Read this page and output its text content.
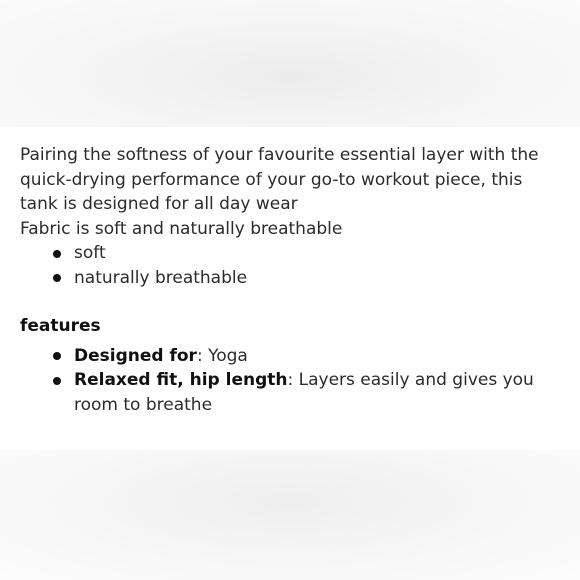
Pairing the softness of your favourite essential layer with the quick-drying performance of your go-to workout piece, this tank is designed for all day wear

Fabric is soft and naturally breathable

soft
naturally breathable

features

Designed for: Yoga
Relaxed fit, hip length: Layers easily and gives you room to breathe
